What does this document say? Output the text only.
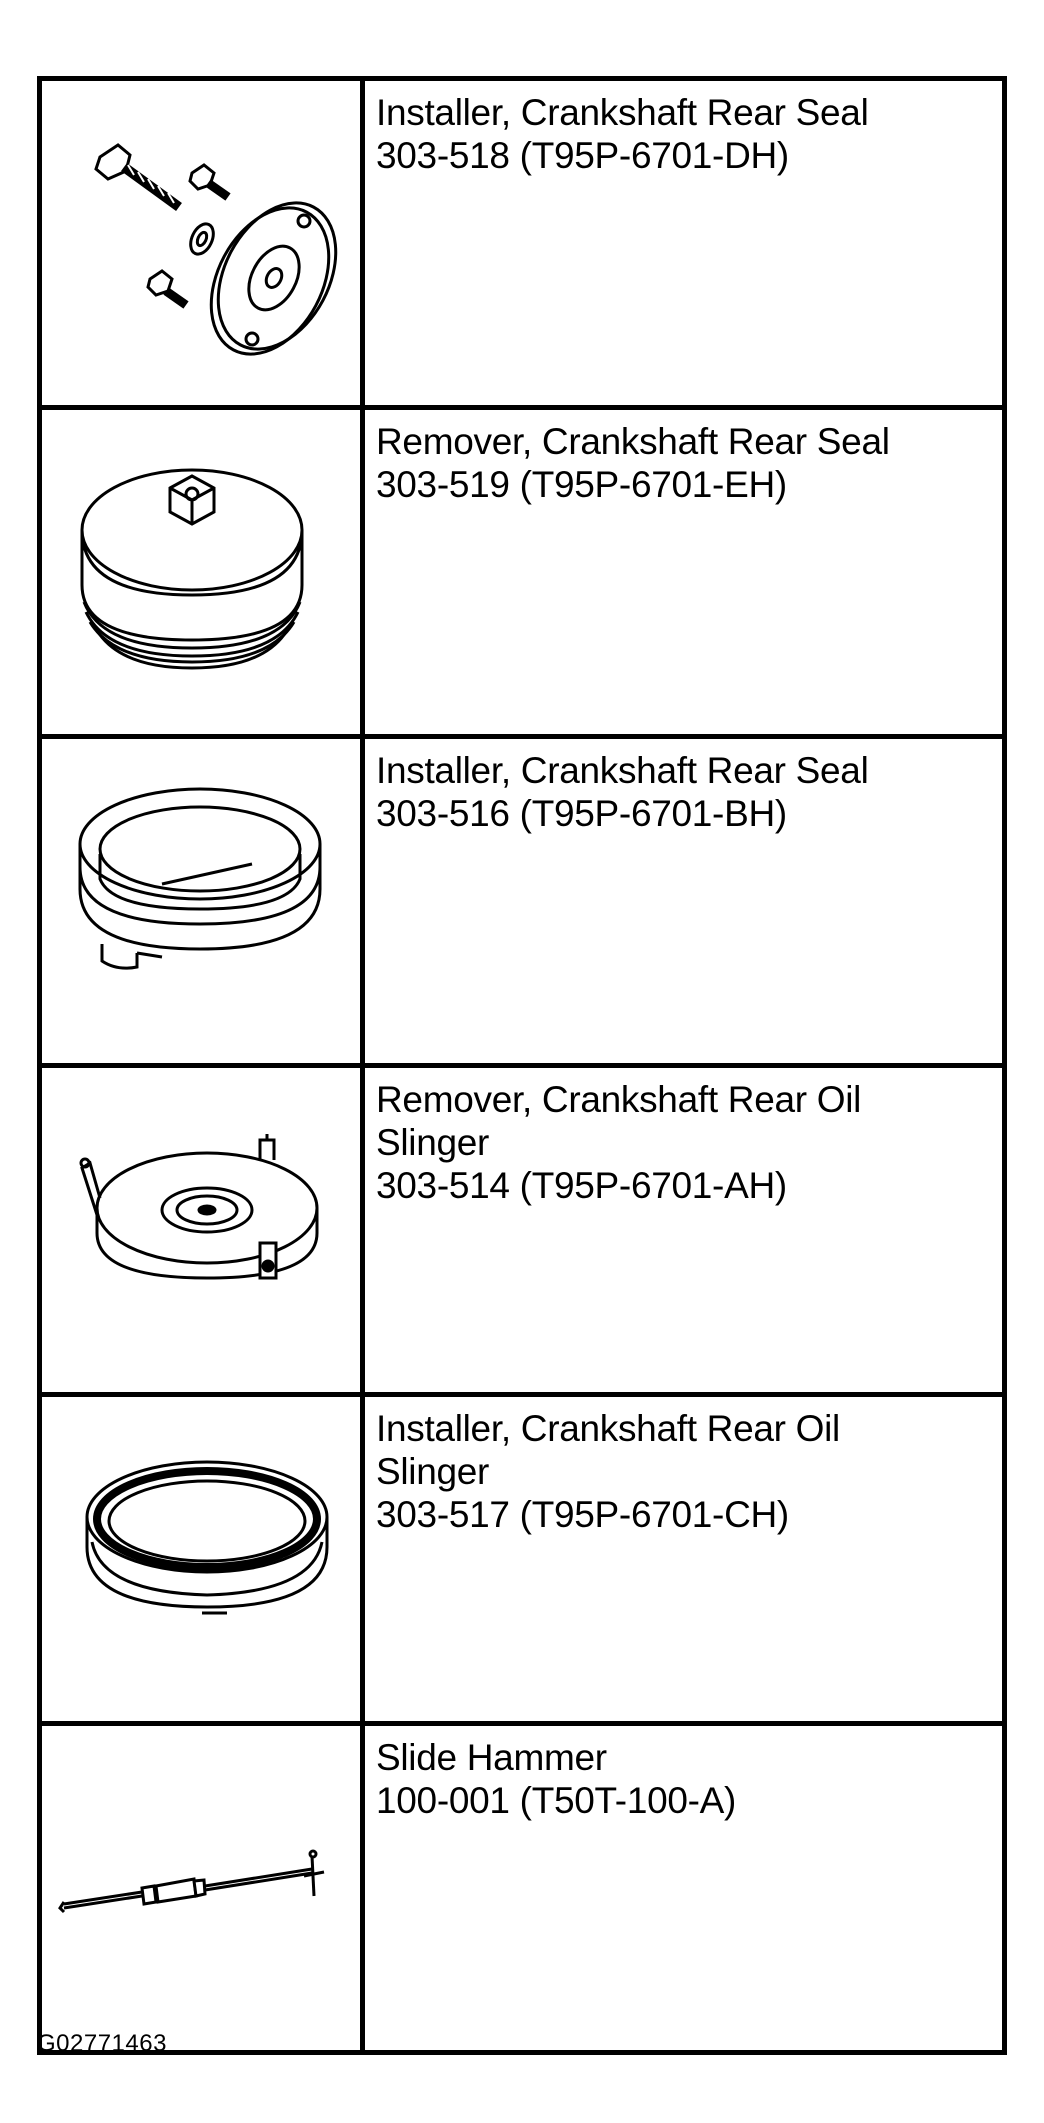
Installer, Crankshaft Rear Seal
303-518 (T95P-6701-DH)

Remover, Crankshaft Rear Seal
303-519 (T95P-6701-EH)

Installer, Crankshaft Rear Seal
303-516 (T95P-6701-BH)

Remover, Crankshaft Rear Oil
Slinger
303-514 (T95P-6701-AH)

Installer, Crankshaft Rear Oil
Slinger
303-517 (T95P-6701-CH)

Slide Hammer
100-001 (T50T-100-A)
G02771463
